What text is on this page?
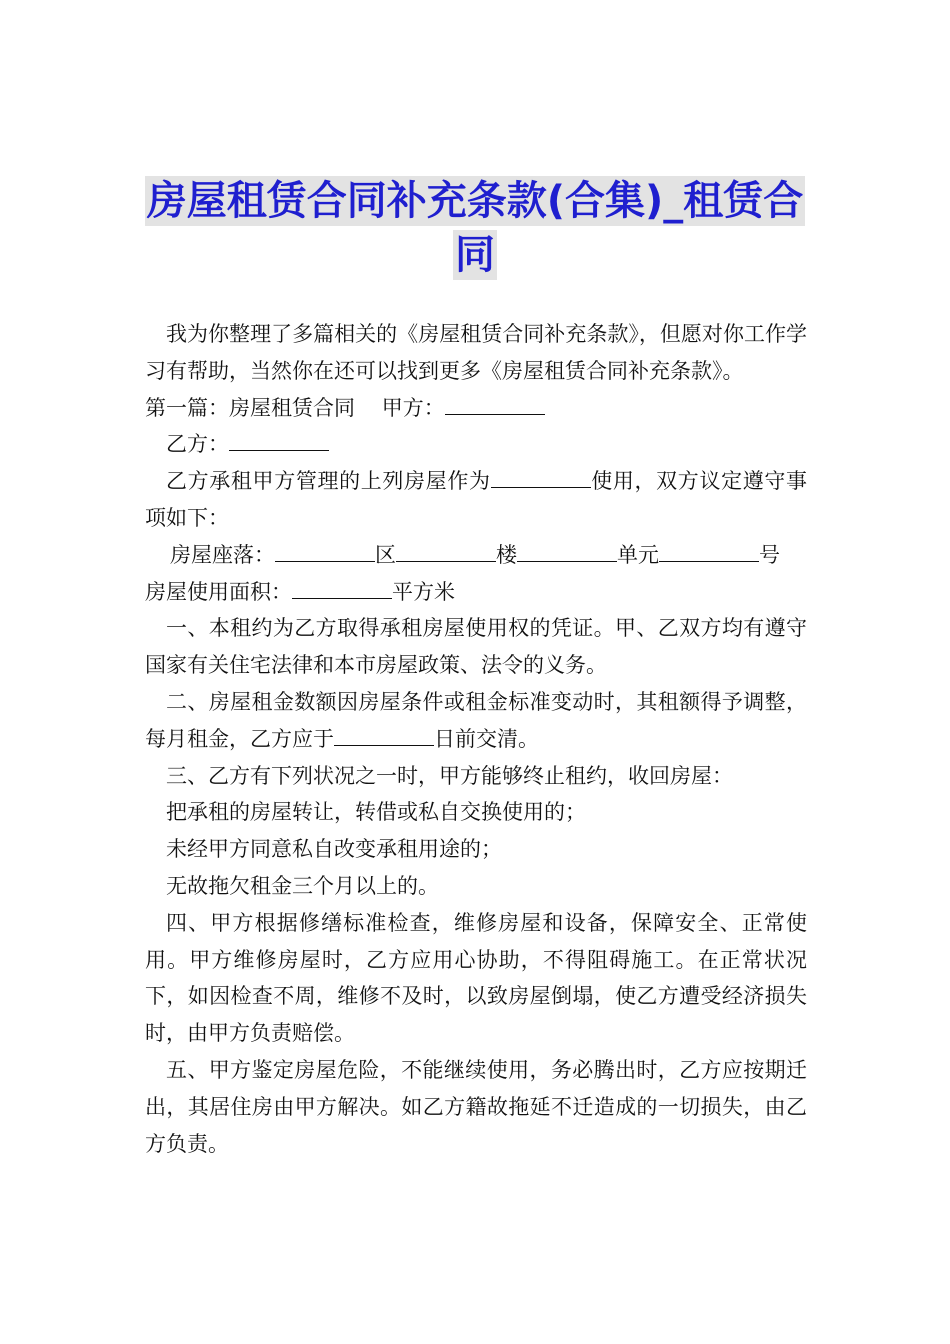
房屋租赁合同补充条款(合集)_租赁合
同

我为你整理了多篇相关的《房屋租赁合同补充条款》，但愿对你工作学习有帮助，当然你在还可以找到更多《房屋租赁合同补充条款》。

第一篇：房屋租赁合同 甲方：

乙方：

乙方承租甲方管理的上列房屋作为	使用，双方议定遵守事项如下：

房屋座落：	区	楼	单元	号

房屋使用面积：	平方米

一、本租约为乙方取得承租房屋使用权的凭证。甲、乙双方均有遵守国家有关住宅法律和本市房屋政策、法令的义务。

二、房屋租金数额因房屋条件或租金标准变动时，其租额得予调整，每月租金，乙方应于	日前交清。

三、乙方有下列状况之一时，甲方能够终止租约，收回房屋：

把承租的房屋转让，转借或私自交换使用的；

未经甲方同意私自改变承租用途的；

无故拖欠租金三个月以上的。

四、甲方根据修缮标准检查，维修房屋和设备，保障安全、正常使用。甲方维修房屋时，乙方应用心协助，不得阻碍施工。在正常状况下，如因检查不周，维修不及时，以致房屋倒塌，使乙方遭受经济损失时，由甲方负责赔偿。

五、甲方鉴定房屋危险，不能继续使用，务必腾出时，乙方应按期迁出，其居住房由甲方解决。如乙方籍故拖延不迁造成的一切损失，由乙方负责。
